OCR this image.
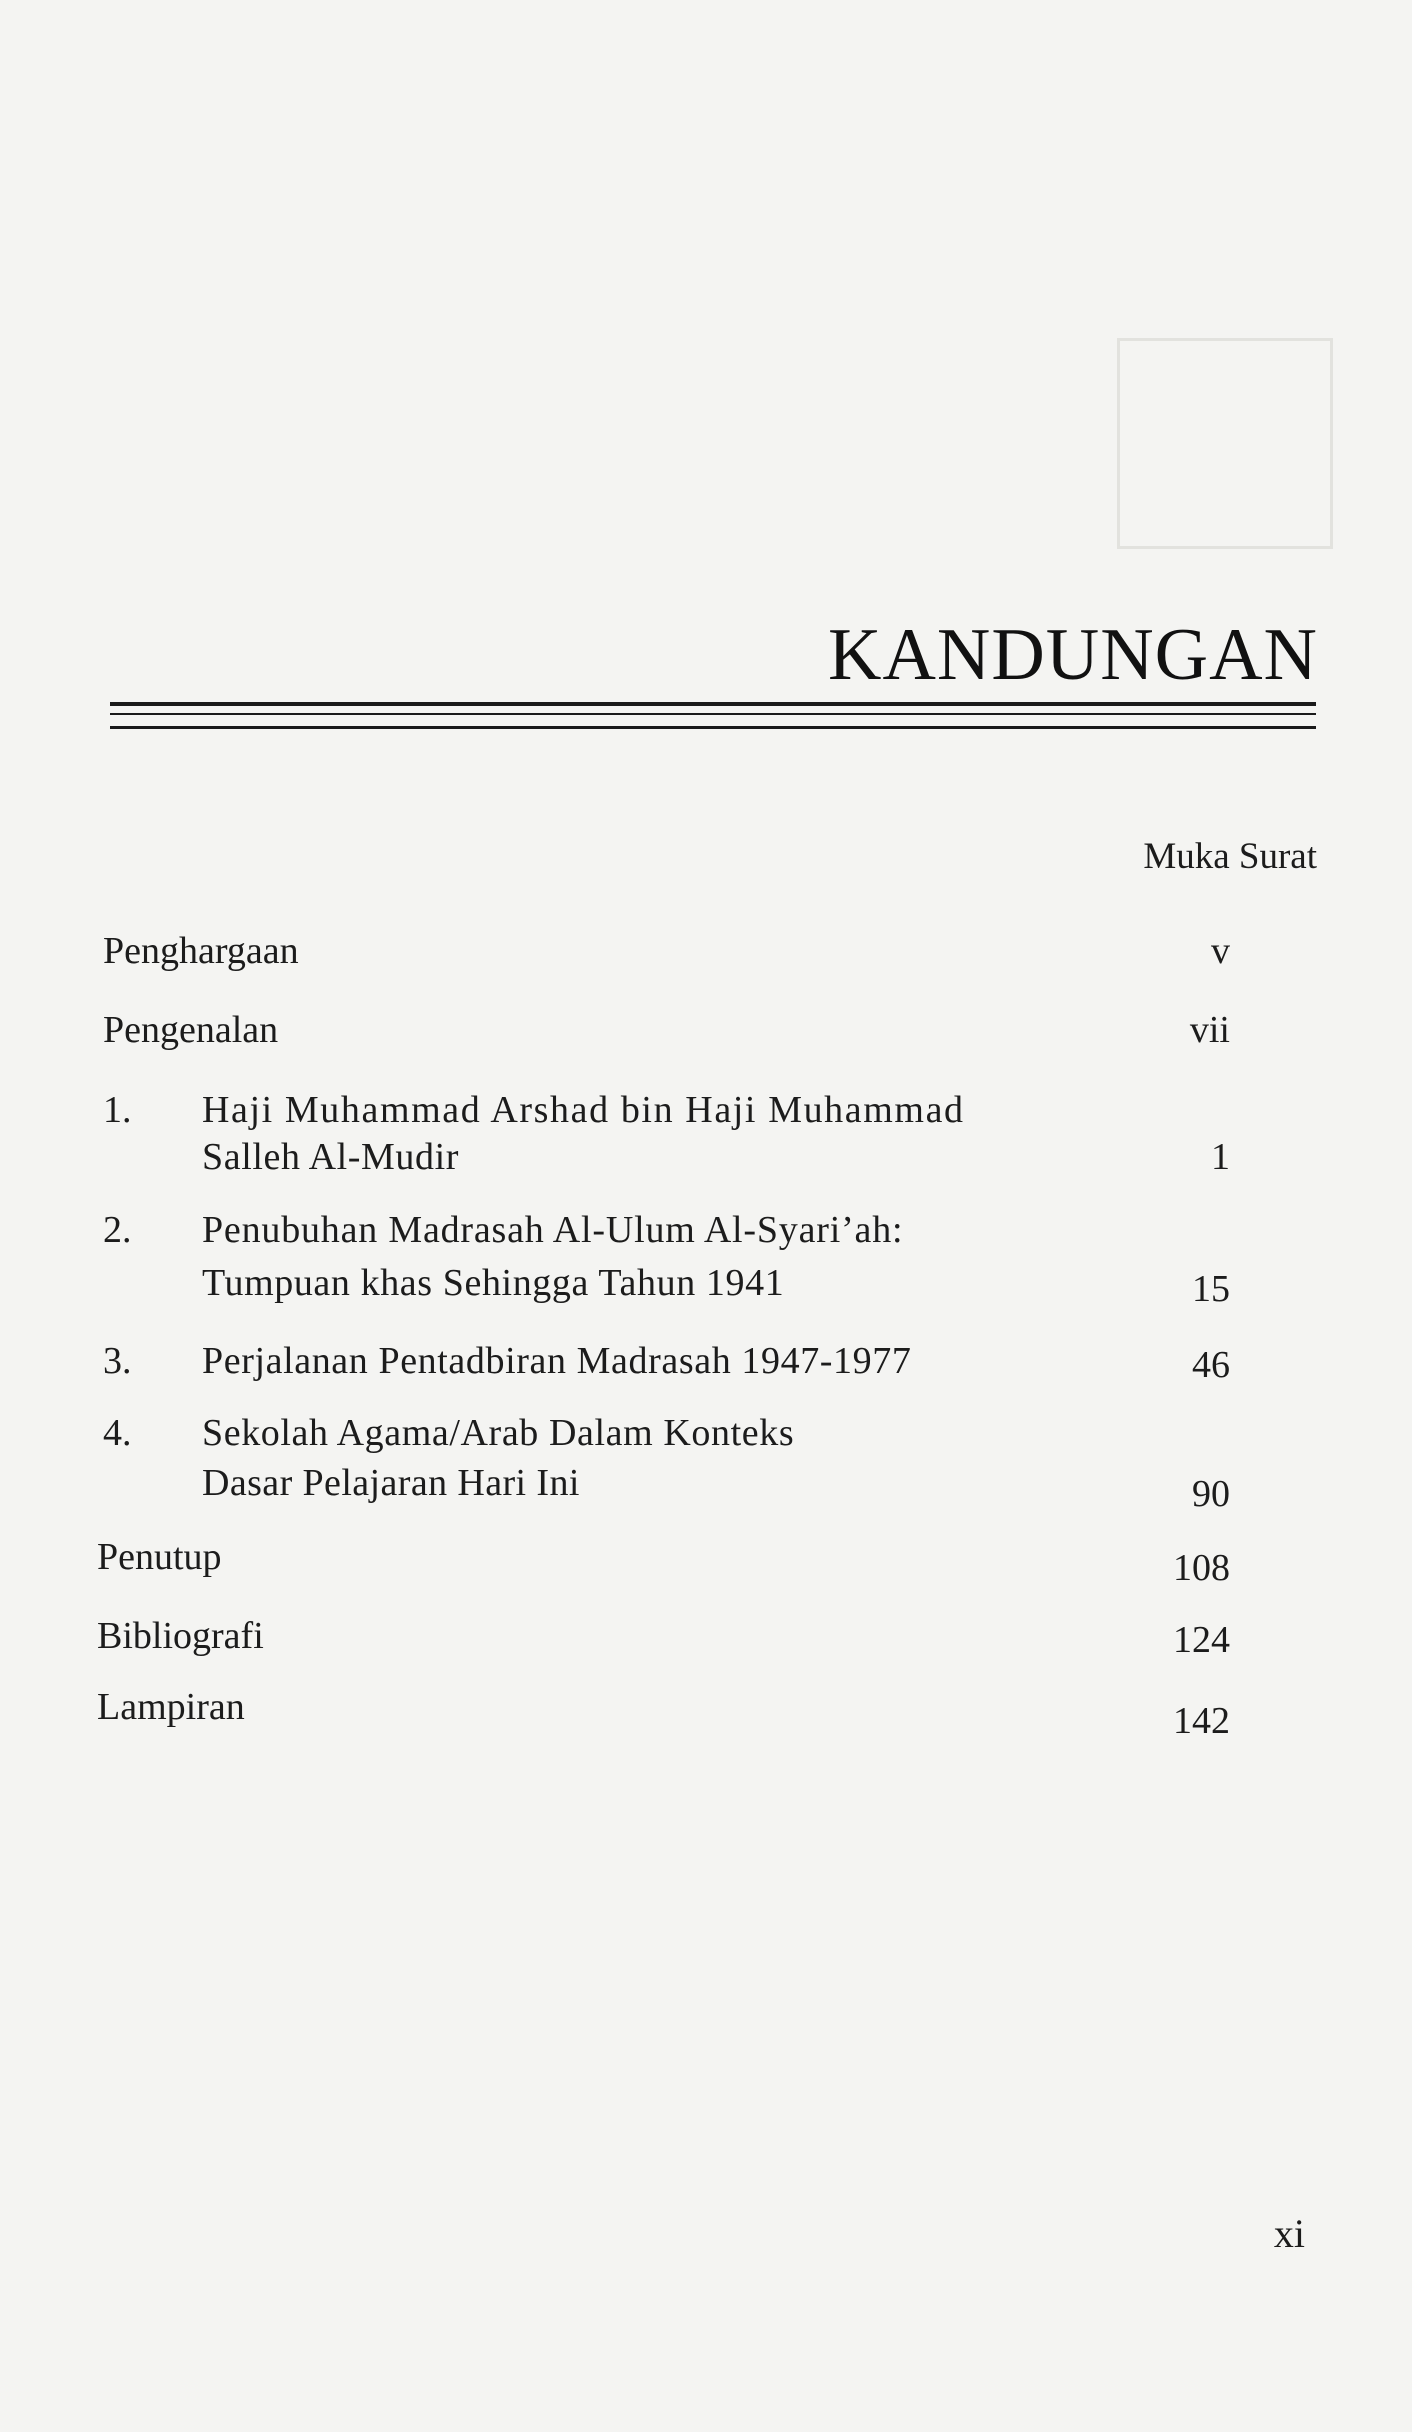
KANDUNGAN
Muka Surat
Penghargaan	v
Pengenalan	vii
1. Haji Muhammad Arshad bin Haji Muhammad
Salleh Al-Mudir	1
2. Penubuhan Madrasah Al-Ulum Al-Syari’ah:
Tumpuan khas Sehingga Tahun 1941	15
3. Perjalanan Pentadbiran Madrasah 1947-1977	46
4. Sekolah Agama/Arab Dalam Konteks
Dasar Pelajaran Hari Ini	90
Penutup	108
Bibliografi	124
Lampiran	142
xi
